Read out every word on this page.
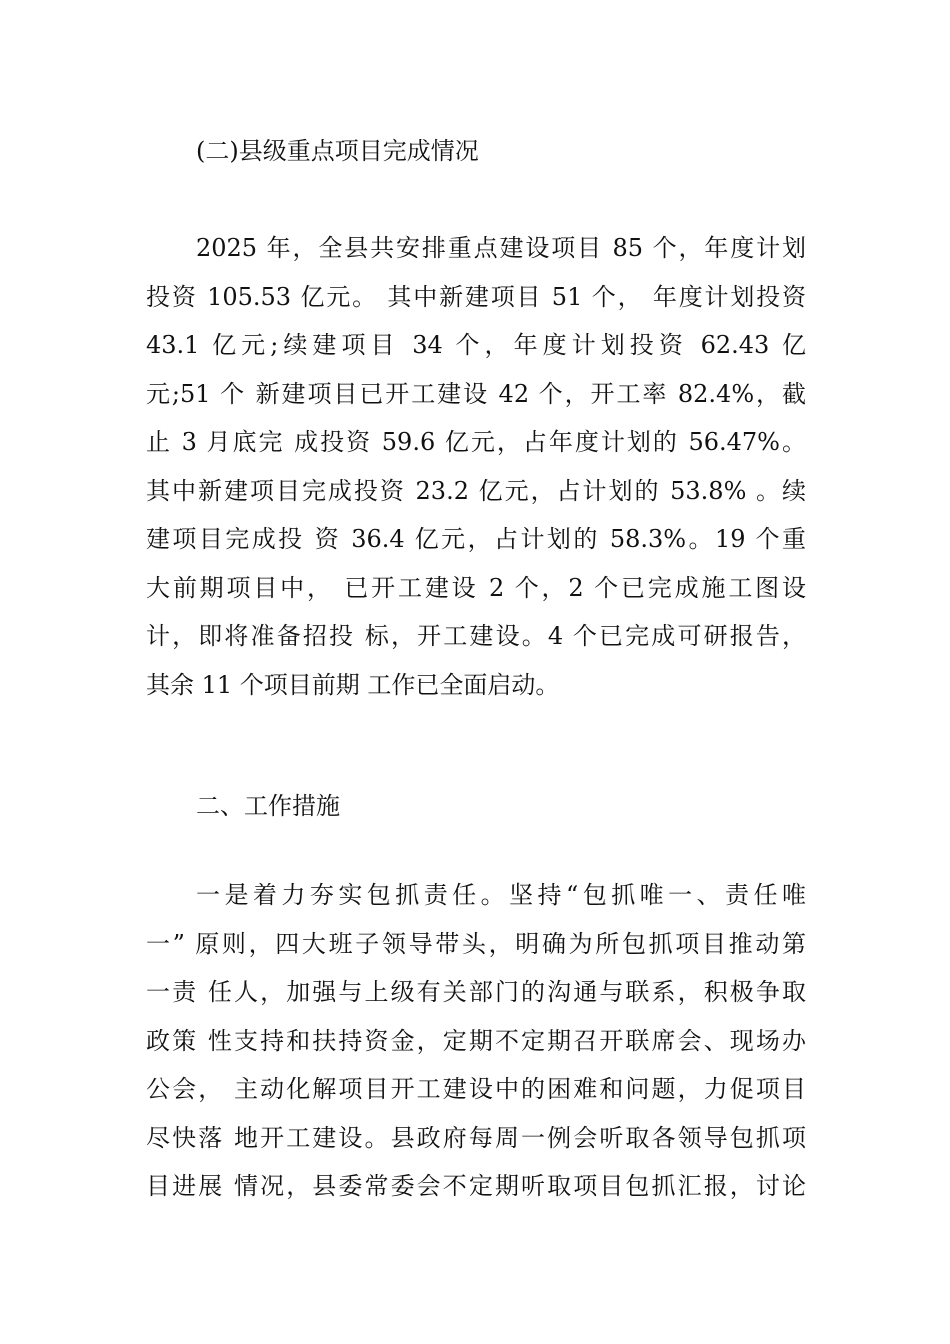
(二)县级重点项目完成情况
2025 年，全县共安排重点建设项目 85 个，年度计划
投资 105.53 亿元。 其中新建项目 51 个， 年度计划投资
43.1 亿元;续建项目 34 个，年度计划投资 62.43 亿
元;51 个 新建项目已开工建设 42 个，开工率 82.4%，截
止 3 月底完 成投资 59.6 亿元，占年度计划的 56.47%。
其中新建项目完成投资 23.2 亿元，占计划的 53.8% 。续
建项目完成投 资 36.4 亿元，占计划的 58.3%。19 个重
大前期项目中， 已开工建设 2 个，2 个已完成施工图设
计，即将准备招投 标，开工建设。4 个已完成可研报告，
其余 11 个项目前期 工作已全面启动。
二、工作措施
一是着力夯实包抓责任。坚持“包抓唯一、责任唯
一” 原则，四大班子领导带头，明确为所包抓项目推动第
一责 任人，加强与上级有关部门的沟通与联系，积极争取
政策 性支持和扶持资金，定期不定期召开联席会、现场办
公会， 主动化解项目开工建设中的困难和问题，力促项目
尽快落 地开工建设。县政府每周一例会听取各领导包抓项
目进展 情况，县委常委会不定期听取项目包抓汇报，讨论
